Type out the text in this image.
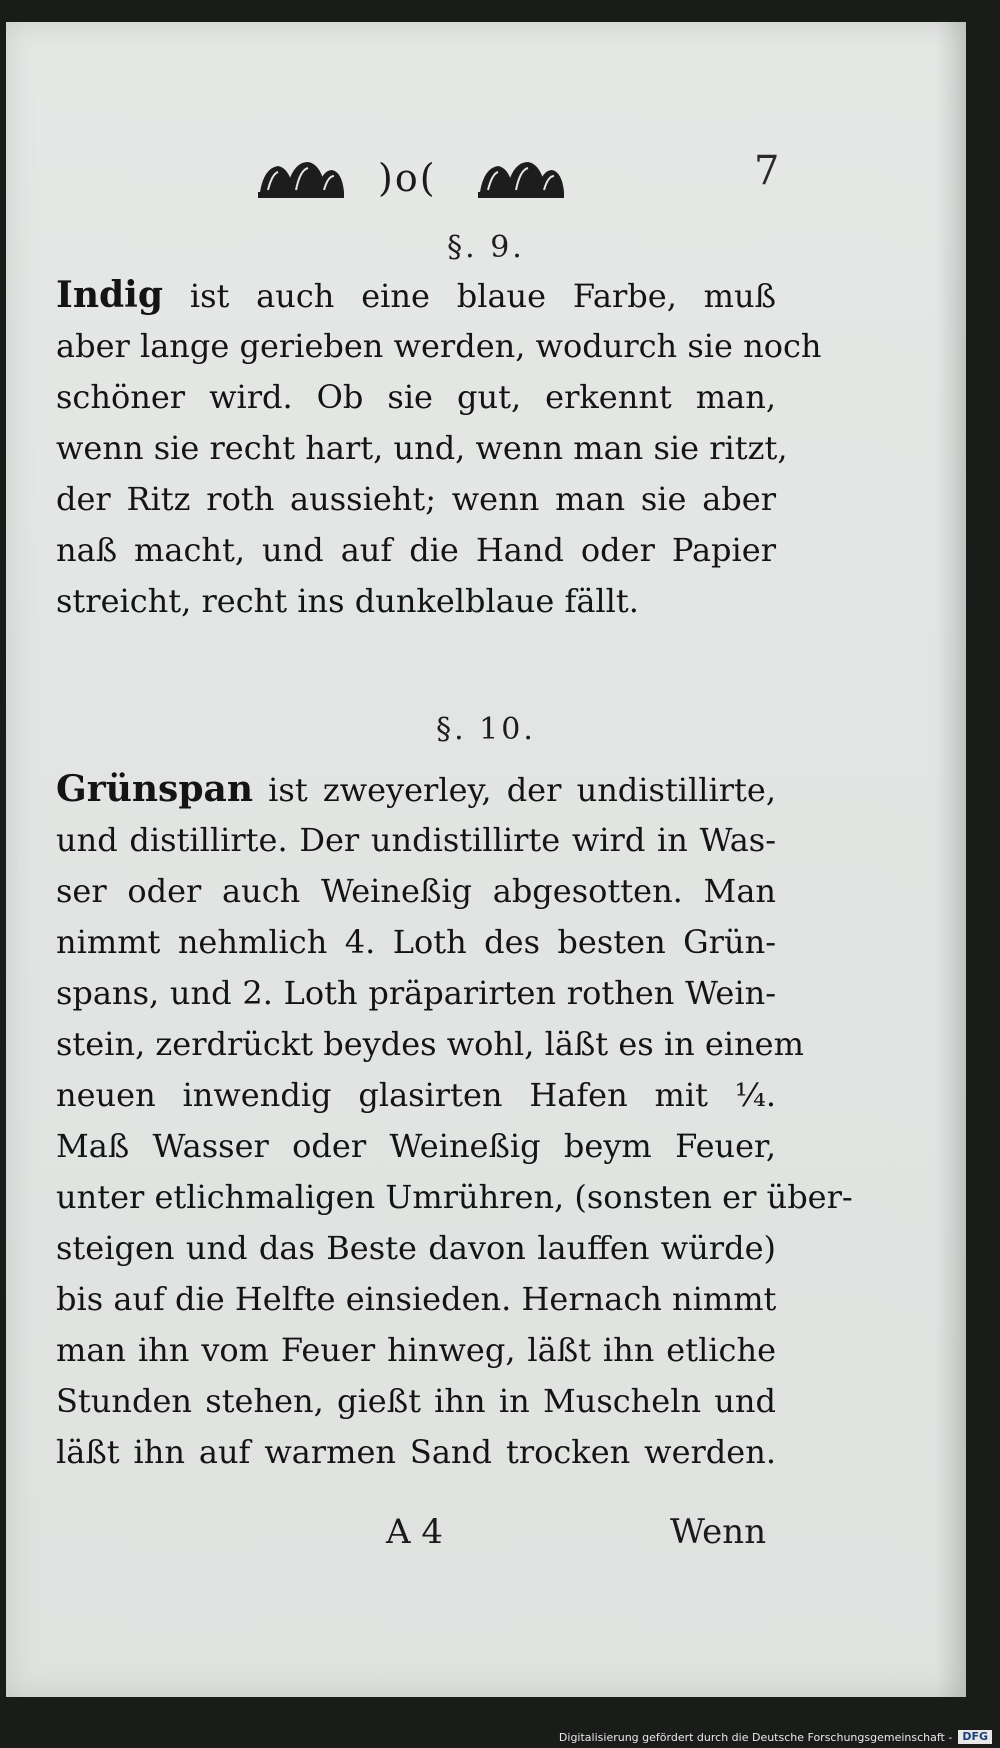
)o(	7
§. 9.
Indig ist auch eine blaue Farbe, muß
aber lange gerieben werden, wodurch sie noch
schöner wird. Ob sie gut, erkennt man,
wenn sie recht hart, und, wenn man sie ritzt,
der Ritz roth aussieht; wenn man sie aber
naß macht, und auf die Hand oder Papier
streicht, recht ins dunkelblaue fällt.
§. 10.
Grünspan ist zweyerley, der undistillirte,
und distillirte. Der undistillirte wird in Was-
ser oder auch Weineßig abgesotten. Man
nimmt nehmlich 4. Loth des besten Grün-
spans, und 2. Loth präparirten rothen Wein-
stein, zerdrückt beydes wohl, läßt es in einem
neuen inwendig glasirten Hafen mit ¼.
Maß Wasser oder Weineßig beym Feuer,
unter etlichmaligen Umrühren, (sonsten er über-
steigen und das Beste davon lauffen würde)
bis auf die Helfte einsieden. Hernach nimmt
man ihn vom Feuer hinweg, läßt ihn etliche
Stunden stehen, gießt ihn in Muscheln und
läßt ihn auf warmen Sand trocken werden.
A 4	Wenn
Digitalisierung gefördert durch die Deutsche Forschungsgemeinschaft - DFG
